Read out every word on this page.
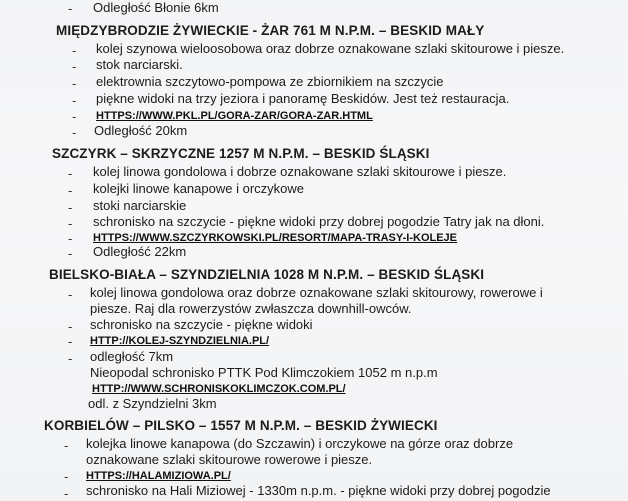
- Odległość Błonie 6km
MIĘDZYBRODZIE ŻYWIECKIE - ŻAR 761 M N.P.M. – BESKID MAŁY
- kolej szynowa wieloosobowa oraz dobrze oznakowane szlaki skitourowe i piesze.
- stok narciarski.
- elektrownia szczytowo-pompowa ze zbiornikiem na szczycie
- piękne widoki na trzy jeziora i panoramę Beskidów. Jest też restauracja.
- HTTPS://WWW.PKL.PL/GORA-ZAR/GORA-ZAR.HTML
- Odległość 20km
SZCZYRK – SKRZYCZNE 1257 M N.P.M. – BESKID ŚLĄSKI
- kolej linowa gondolowa i dobrze oznakowane szlaki skitourowe i piesze.
- kolejki linowe kanapowe i orczykowe
- stoki narciarskie
- schronisko na szczycie - piękne widoki przy dobrej pogodzie Tatry jak na dłoni.
- HTTPS://WWW.SZCZYRKOWSKI.PL/RESORT/MAPA-TRASY-I-KOLEJE
- Odległość 22km
BIELSKO-BIAŁA – SZYNDZIELNIA 1028 M N.P.M. – BESKID ŚLĄSKI
- kolej linowa gondolowa oraz dobrze oznakowane szlaki skitourowy, rowerowe i
piesze. Raj dla rowerzystów zwłaszcza downhill-owców.
- schronisko na szczycie - piękne widoki
- HTTP://KOLEJ-SZYNDZIELNIA.PL/
- odległość 7km
Nieopodal schronisko PTTK Pod Klimczokiem 1052 m n.p.m
HTTP://WWW.SCHRONISKOKLIMCZOK.COM.PL/
odl. z Szyndzielni 3km
KORBIELÓW – PILSKO – 1557 M N.P.M. – BESKID ŻYWIECKI
- kolejka linowe kanapowa (do Szczawin) i orczykowe na górze oraz dobrze
oznakowane szlaki skitourowe rowerowe i piesze.
- HTTPS://HALAMIZIOWA.PL/
- schronisko na Hali Miziowej - 1330m n.p.m. - piękne widoki przy dobrej pogodzie
